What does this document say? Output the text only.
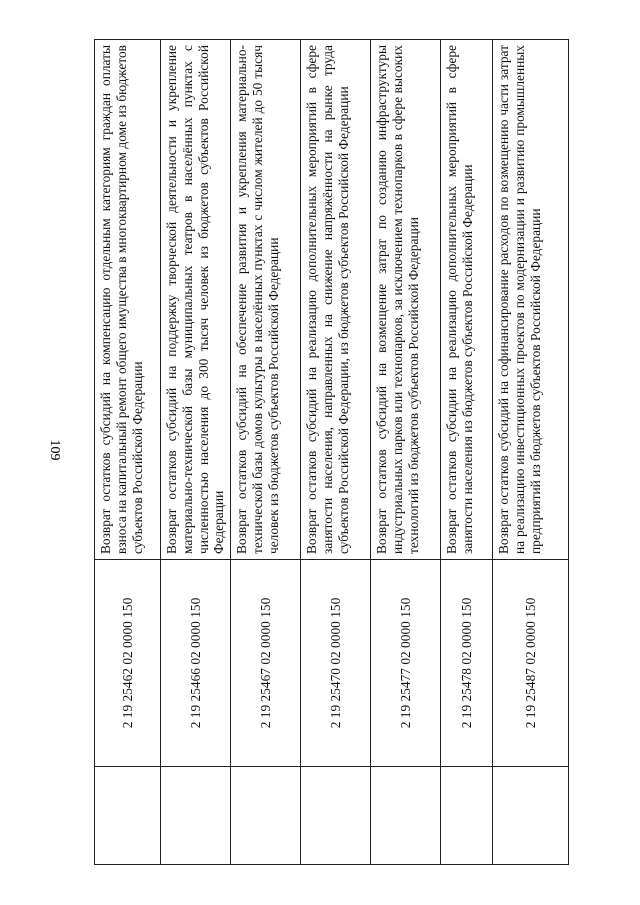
109
	2 19 25462 02 0000 150	Возврат остатков субсидий на компенсацию отдельным категориям граждан оплаты взноса на капитальный ремонт общего имущества в многоквартирном доме из бюджетов субъектов Российской Федерации
	2 19 25466 02 0000 150	Возврат остатков субсидий на поддержку творческой деятельности и укрепление материально-технической базы муниципальных театров в населённых пунктах с численностью населения до 300 тысяч человек из бюджетов субъектов Российской Федерации
	2 19 25467 02 0000 150	Возврат остатков субсидий на обеспечение развития и укрепления материально-технической базы домов культуры в населённых пунктах с числом жителей до 50 тысяч человек из бюджетов субъектов Российской Федерации
	2 19 25470 02 0000 150	Возврат остатков субсидий на реализацию дополнительных мероприятий в сфере занятости населения, направленных на снижение напряжённости на рынке труда субъектов Российской Федерации, из бюджетов субъектов Российской Федерации
	2 19 25477 02 0000 150	Возврат остатков субсидий на возмещение затрат по созданию инфраструктуры индустриальных парков или технопарков, за исключением технопарков в сфере высоких технологий из бюджетов субъектов Российской Федерации
	2 19 25478 02 0000 150	Возврат остатков субсидии на реализацию дополнительных мероприятий в сфере занятости населения из бюджетов субъектов Российской Федерации
	2 19 25487 02 0000 150	Возврат остатков субсидий на софинансирование расходов по возмещению части затрат на реализацию инвестиционных проектов по модернизации и развитию промышленных предприятий из бюджетов субъектов Российской Федерации
